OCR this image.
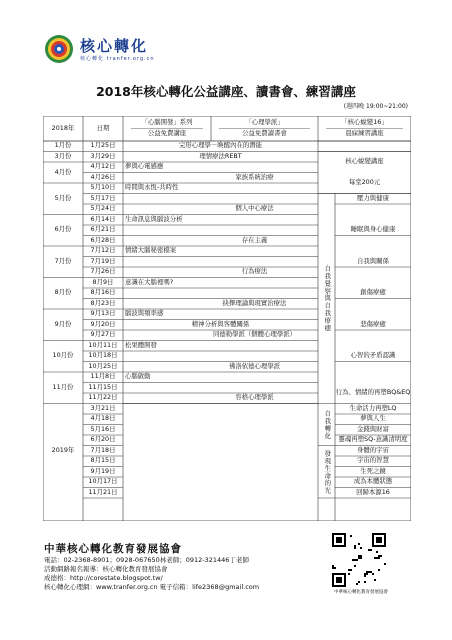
核心轉化
核心轉化 tranfer.org.cn
2018年核心轉化公益講座、讀書會、練習講座
(週四晚 19:00~21:00)
2018年	日期
「心腦開發」系列
公益免費講座
「心理學派」
公益免費讀書會
「核心蛻變16」
晨寐練習講座
1月份
3月份
4月份
5月份
6月份
7月份
8月份
9月份
10月份
11月份
2019年
1月25日
3月29日
4月12日
4月26日
5月10日
5月17日
5月24日
6月14日
6月21日
6月28日
7月12日
7月19日
7月26日
8月9日
8月16日
8月23日
9月13日
9月20日
9月27日
10月11日
10月18日
10月25日
11月8日
11月15日
11月22日
3月21日
4月18日
5月16日
6月20日
7月18日
8月15日
9月19日
10月17日
11月21日
完形心理學－喚醒內在的潛能
理情療法REBT
夢與心電感應
家族系統治療
時間與永恆-共時性
個人中心療法
生命訊息與腦波分析
存在主義
情緒大腦秘密檔案
行為療法
意識在大腦裡嗎?
抉擇理論與現實治療法
腦波與頻率感
精神分析與客體關係
同德勒學派（個體心理學派）
松果體開發
佛洛依德心理學派
心腦啟動
容格心理學派
核心蛻變講座
每堂200元
自我覺察與自我療癒
自我轉化
發現生命的光
壓力與健康
睡眠與身心健康
自我與關係
創傷療癒
悲傷療癒
心智的矛盾認識
行為、情緒的再塑BQ&EQ
生命活力再塑LQ
夢與人生
金錢與財富
靈魂再塑SQ-意識清明度
身體的宇宙
宇宙的智慧
生死之鏡
成為本體狀態
回歸本源16
中華核心轉化教育發展協會
電話：02-2368-8901；0928-067650林老師；0912-321446丁老師
活動網路報名報導：核心轉化教育發展協會
成德格：http://corestate.blogspot.tw/
核心轉化心理網：www.tranfer.org.cn 電子信箱：life2368@gmail.com
中華核心轉化教育發展協會
